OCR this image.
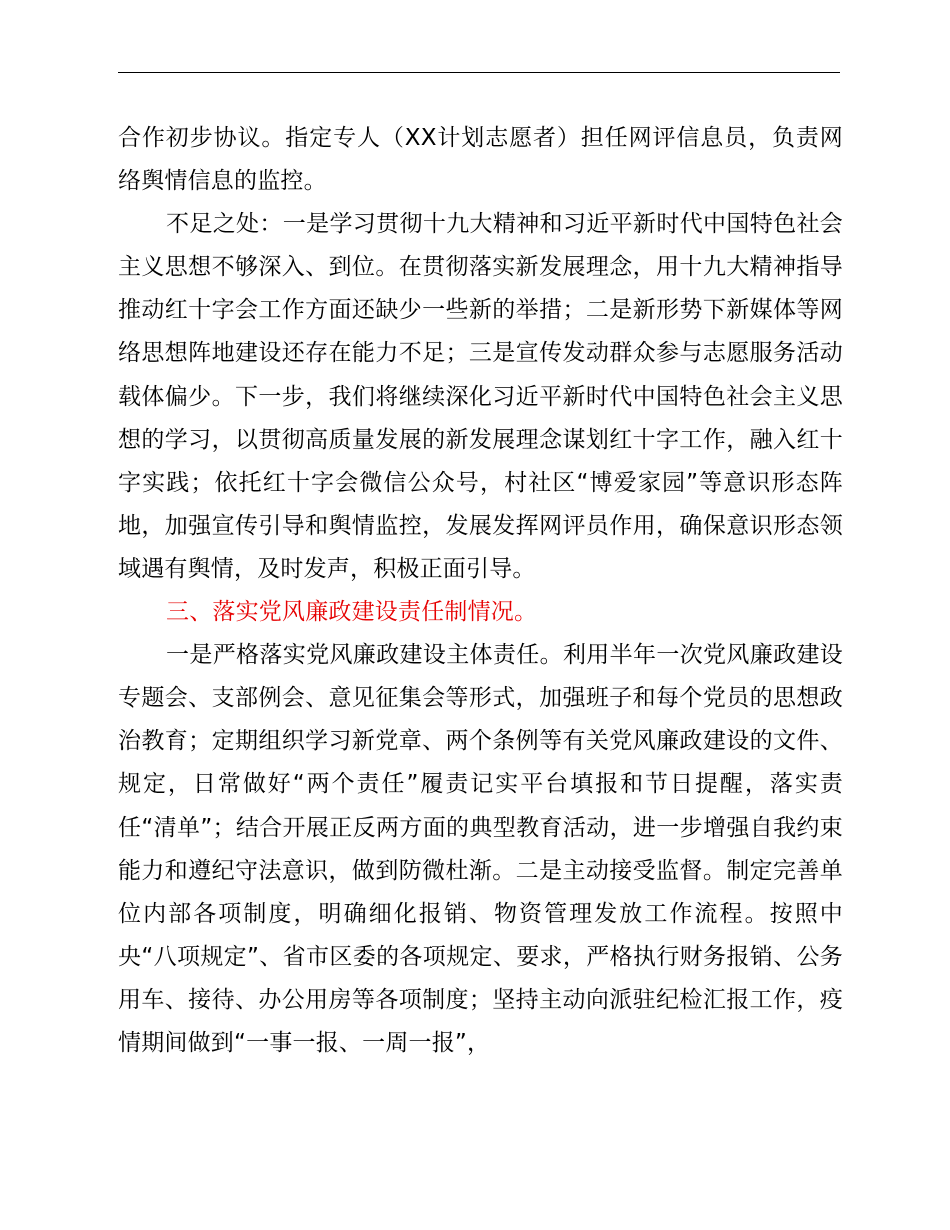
合作初步协议。指定专人（XX计划志愿者）担任网评信息员，负责网络舆情信息的监控。

不足之处：一是学习贯彻十九大精神和习近平新时代中国特色社会主义思想不够深入、到位。在贯彻落实新发展理念，用十九大精神指导推动红十字会工作方面还缺少一些新的举措；二是新形势下新媒体等网络思想阵地建设还存在能力不足；三是宣传发动群众参与志愿服务活动载体偏少。下一步，我们将继续深化习近平新时代中国特色社会主义思想的学习，以贯彻高质量发展的新发展理念谋划红十字工作，融入红十字实践；依托红十字会微信公众号，村社区“博爱家园”等意识形态阵地，加强宣传引导和舆情监控，发展发挥网评员作用，确保意识形态领域遇有舆情，及时发声，积极正面引导。

三、落实党风廉政建设责任制情况。

一是严格落实党风廉政建设主体责任。利用半年一次党风廉政建设专题会、支部例会、意见征集会等形式，加强班子和每个党员的思想政治教育；定期组织学习新党章、两个条例等有关党风廉政建设的文件、规定，日常做好“两个责任”履责记实平台填报和节日提醒，落实责任“清单”；结合开展正反两方面的典型教育活动，进一步增强自我约束能力和遵纪守法意识，做到防微杜渐。二是主动接受监督。制定完善单位内部各项制度，明确细化报销、物资管理发放工作流程。按照中央“八项规定”、省市区委的各项规定、要求，严格执行财务报销、公务用车、接待、办公用房等各项制度；坚持主动向派驻纪检汇报工作，疫情期间做到“一事一报、一周一报”，
